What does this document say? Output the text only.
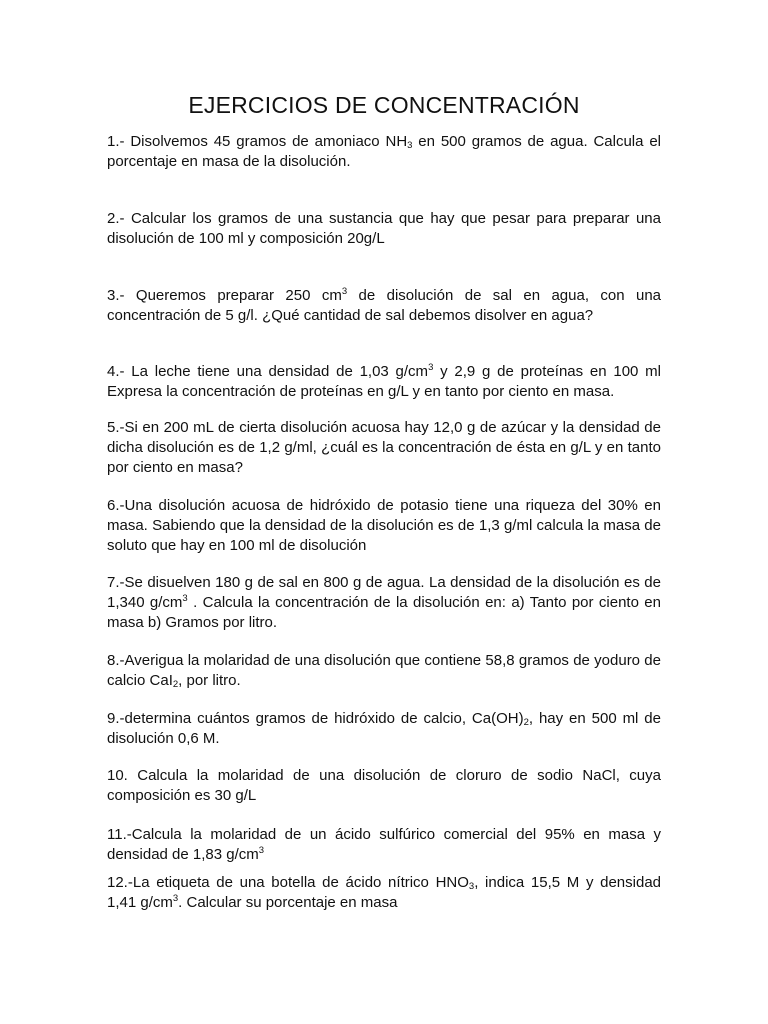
EJERCICIOS DE CONCENTRACIÓN

1.- Disolvemos 45 gramos de amoniaco $NH_3$ en 500 gramos de agua. Calcula el porcentaje en masa de la disolución.

2.- Calcular los gramos de una sustancia que hay que pesar para preparar una disolución de 100 ml y composición 20g/L

3.- Queremos preparar 250 $cm^3$ de disolución de sal en agua, con una concentración de 5 g/l. ¿Qué cantidad de sal debemos disolver en agua?

4.- La leche tiene una densidad de 1,03 $g/cm^3$ y 2,9 g de proteínas en 100 ml Expresa la concentración de proteínas en g/L y en tanto por ciento en masa.

5.-Si en 200 mL de cierta disolución acuosa hay 12,0 g de azúcar y la densidad de dicha disolución es de 1,2 g/ml, ¿cuál es la concentración de ésta en g/L y en tanto por ciento en masa?

6.-Una disolución acuosa de hidróxido de potasio tiene una riqueza del 30% en masa. Sabiendo que la densidad de la disolución es de 1,3 g/ml calcula la masa de soluto que hay en 100 ml de disolución

7.-Se disuelven 180 g de sal en 800 g de agua. La densidad de la disolución es de 1,340 $g/cm^3$ . Calcula la concentración de la disolución en: a) Tanto por ciento en masa b) Gramos por litro.

8.-Averigua la molaridad de una disolución que contiene 58,8 gramos de yoduro de calcio CaI$_2$, por litro.

9.-determina cuántos gramos de hidróxido de calcio, $Ca(OH)_2$, hay en 500 ml de disolución 0,6 M.

10. Calcula la molaridad de una disolución de cloruro de sodio NaCl, cuya composición es 30 g/L

11.-Calcula la molaridad de un ácido sulfúrico comercial del 95% en masa y densidad de 1,83 $g/cm^3$

12.-La etiqueta de una botella de ácido nítrico $HNO_3$, indica 15,5 M y densidad 1,41 $g/cm^3$. Calcular su porcentaje en masa
